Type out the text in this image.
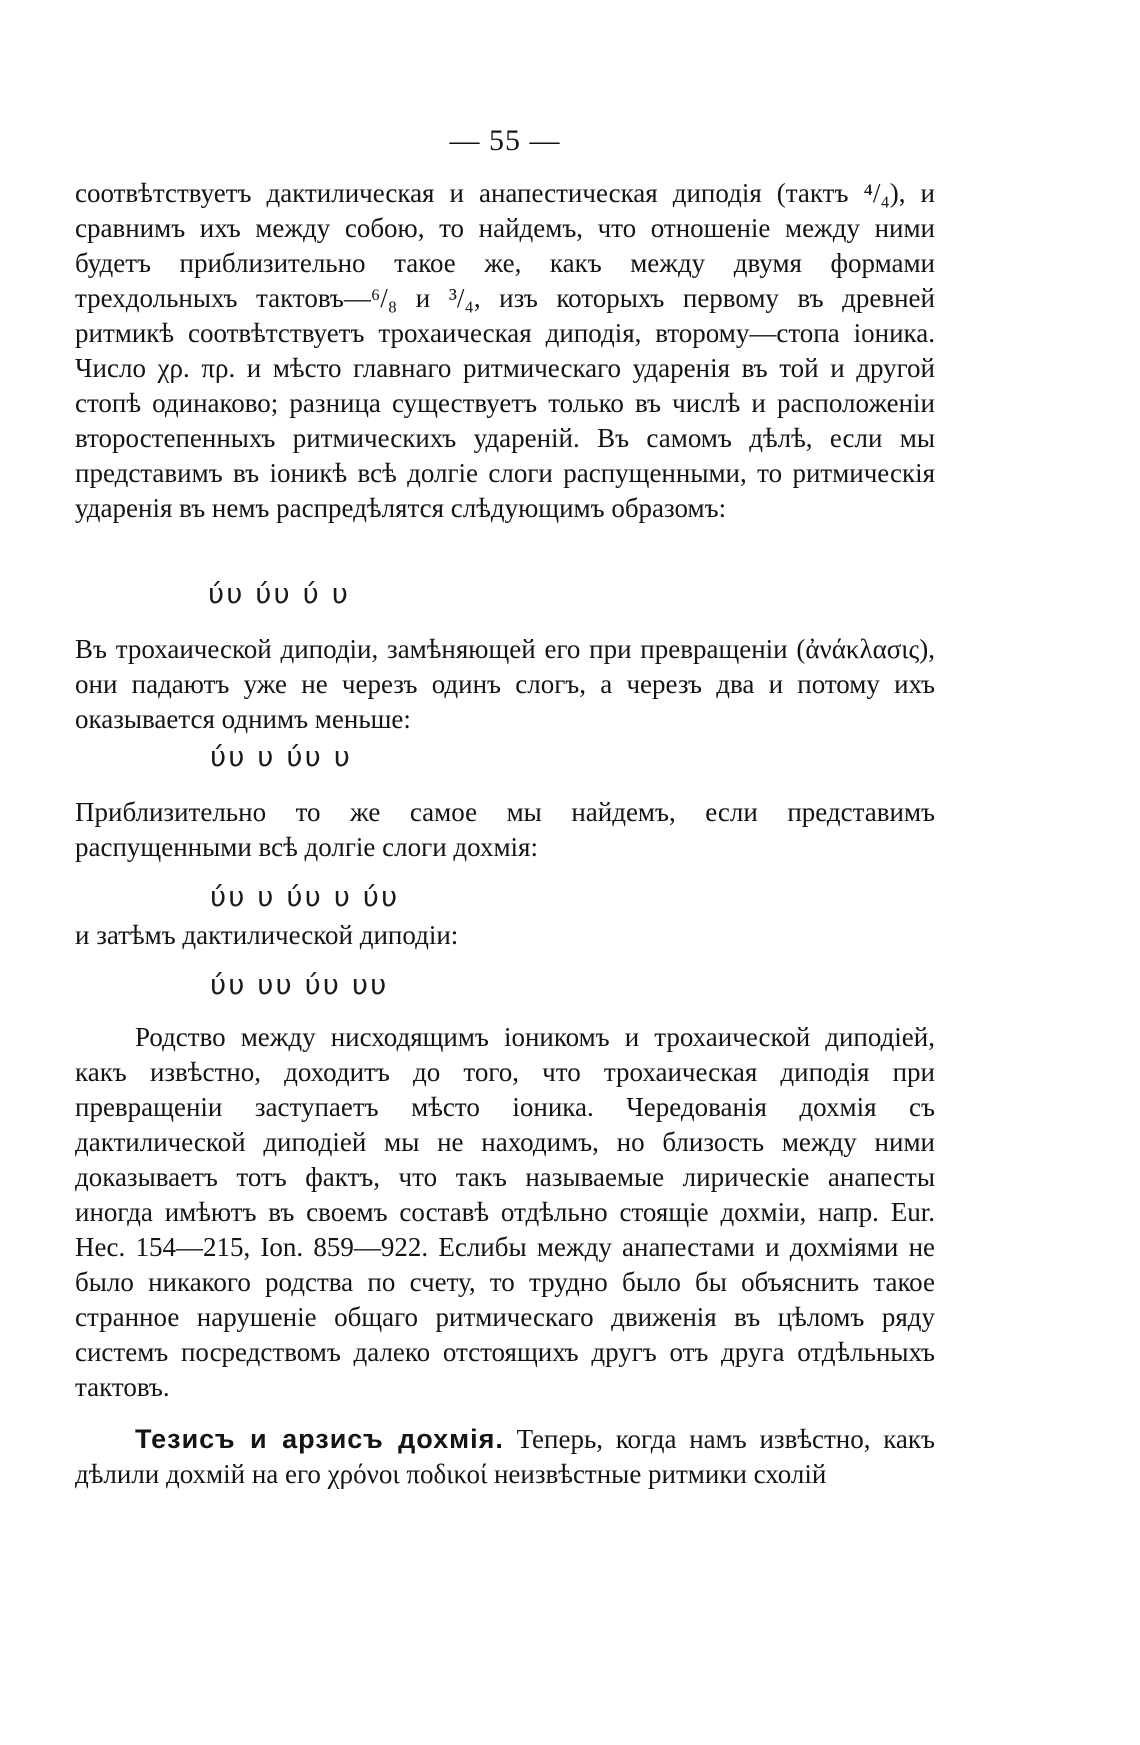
— 55 —

соотвѣтствуетъ дактилическая и анапестическая диподія (тактъ ⁴/₄), и сравнимъ ихъ между собою, то найдемъ, что отношеніе между ними будетъ приблизительно такое же, какъ между двумя формами трехдольныхъ тактовъ—⁶/₈ и ³/₄, изъ которыхъ первому въ древней ритмикѣ соотвѣтствуетъ трохаическая диподія, второму—стопа іоника. Число χρ. πρ. и мѣсто главнаго ритмическаго ударенія въ той и другой стопѣ одинаково; разница существуетъ только въ числѣ и расположеніи второстепенныхъ ритмическихъ удареній. Въ самомъ дѣлѣ, если мы представимъ въ іоникѣ всѣ долгіе слоги распущенными, то ритмическія ударенія въ немъ распредѣлятся слѣдующимъ образомъ:

ύυ ύυ ύ υ

Въ трохаической диподіи, замѣняющей его при превращеніи (ἀνάκλασις), они падаютъ уже не черезъ одинъ слогъ, а черезъ два и потому ихъ оказывается однимъ меньше:

ύυ υ ύυ υ

Приблизительно то же самое мы найдемъ, если представимъ распущенными всѣ долгіе слоги дохмія:

ύυ υ ύυ υ ύυ

и затѣмъ дактилической диподіи:

ύυ υυ ύυ υυ

Родство между нисходящимъ іоникомъ и трохаической диподіей, какъ извѣстно, доходитъ до того, что трохаическая диподія при превращеніи заступаетъ мѣсто іоника. Чередованія дохмія съ дактилической диподіей мы не находимъ, но близость между ними доказываетъ тотъ фактъ, что такъ называемые лирическіе анапесты иногда имѣютъ въ своемъ составѣ отдѣльно стоящіе дохміи, напр. Eur. Hec. 154—215, Ion. 859—922. Еслибы между анапестами и дохміями не было никакого родства по счету, то трудно было бы объяснить такое странное нарушеніе общаго ритмическаго движенія въ цѣломъ ряду системъ посредствомъ далеко отстоящихъ другъ отъ друга отдѣльныхъ тактовъ.

Тезисъ и арзисъ дохмія. Теперь, когда намъ извѣстно, какъ дѣлили дохмій на его χρόνοι ποδικοί неизвѣстные ритмики схолій
